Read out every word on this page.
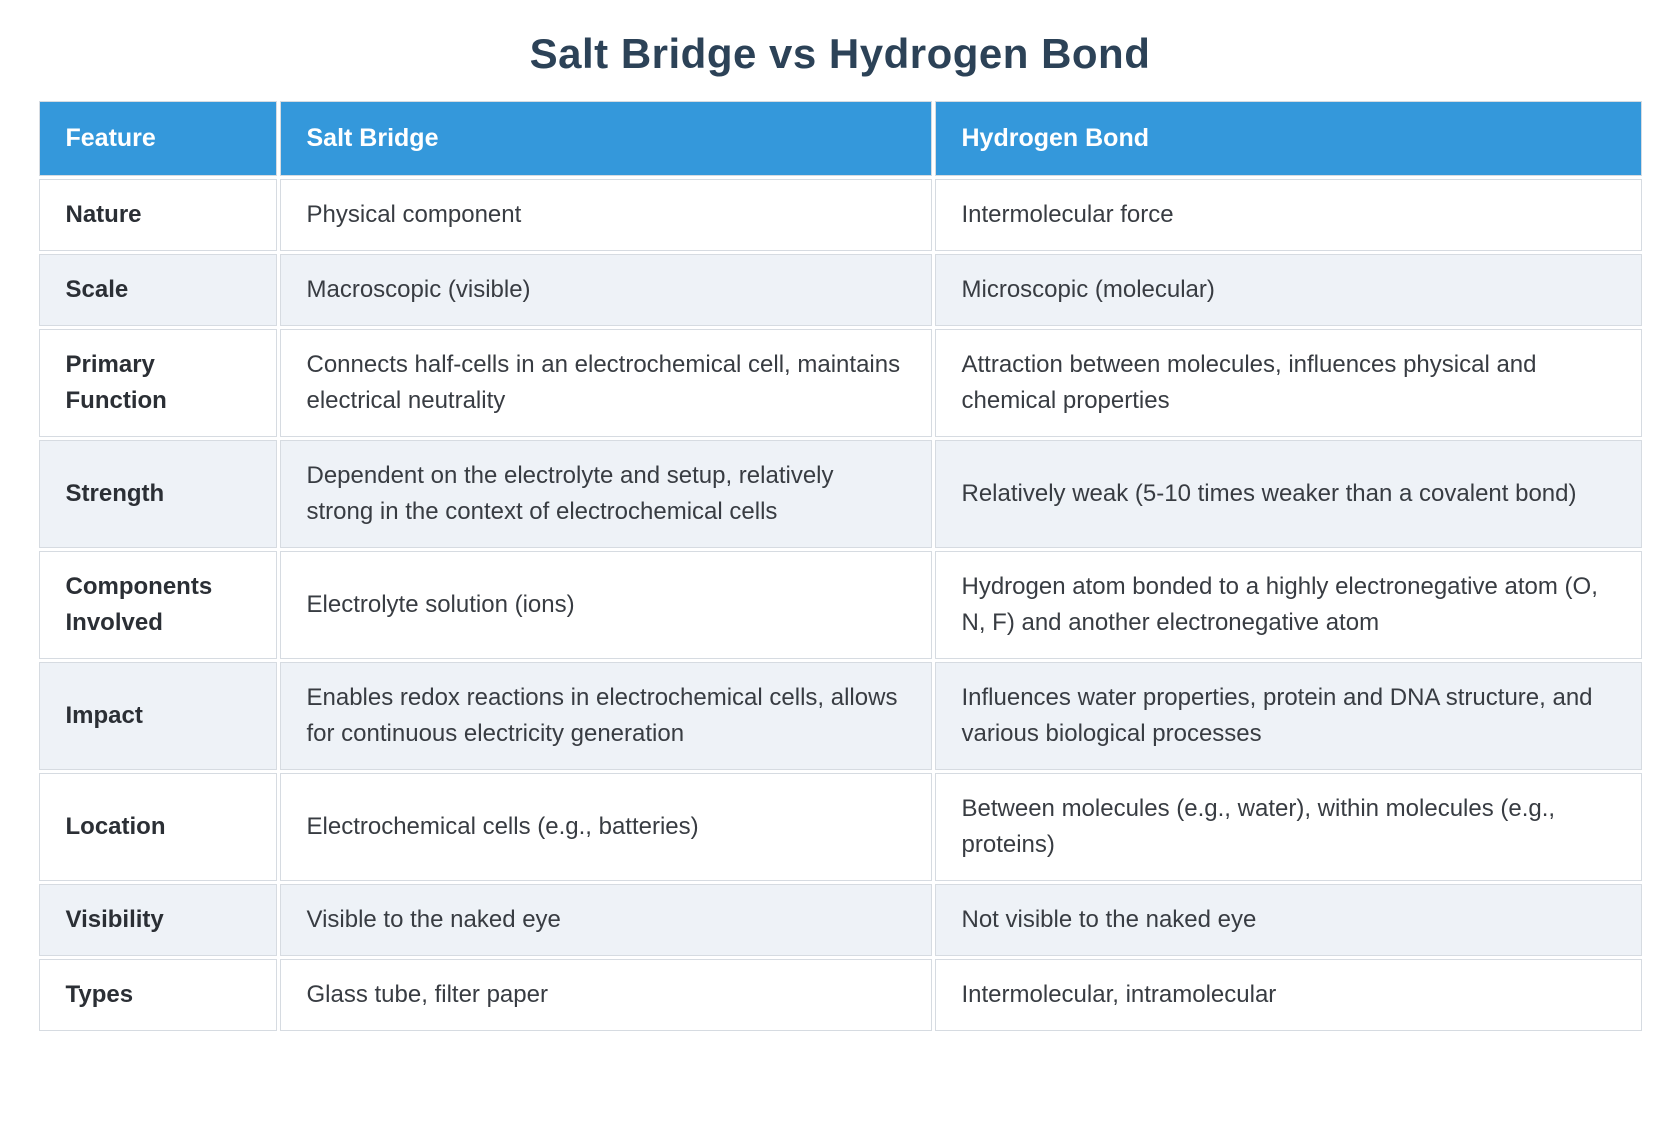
Salt Bridge vs Hydrogen Bond
Feature	Salt Bridge	Hydrogen Bond
Nature	Physical component	Intermolecular force
Scale	Macroscopic (visible)	Microscopic (molecular)
Primary Function	Connects half-cells in an electrochemical cell, maintains electrical neutrality	Attraction between molecules, influences physical and chemical properties
Strength	Dependent on the electrolyte and setup, relatively strong in the context of electrochemical cells	Relatively weak (5-10 times weaker than a covalent bond)
Components Involved	Electrolyte solution (ions)	Hydrogen atom bonded to a highly electronegative atom (O, N, F) and another electronegative atom
Impact	Enables redox reactions in electrochemical cells, allows for continuous electricity generation	Influences water properties, protein and DNA structure, and various biological processes
Location	Electrochemical cells (e.g., batteries)	Between molecules (e.g., water), within molecules (e.g., proteins)
Visibility	Visible to the naked eye	Not visible to the naked eye
Types	Glass tube, filter paper	Intermolecular, intramolecular
